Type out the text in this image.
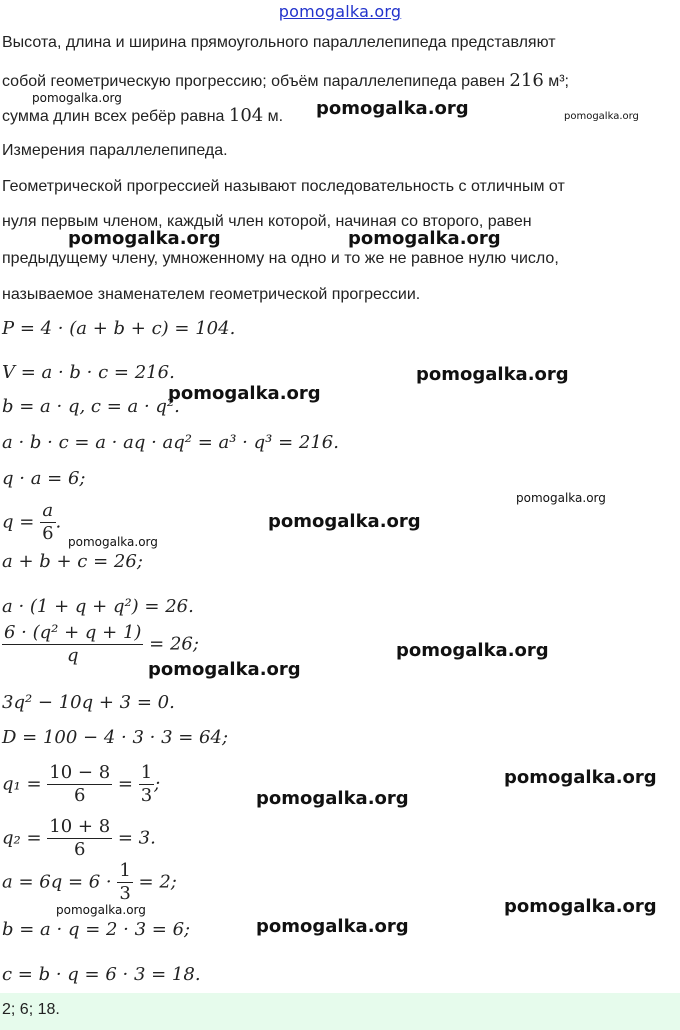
pomogalka.org
Высота, длина и ширина прямоугольного параллелепипеда представляют
собой геометрическую прогрессию; объём параллелепипеда равен 216 м³;
сумма длин всех ребёр равна 104 м.
Измерения параллелепипеда.
Геометрической прогрессией называют последовательность с отличным от
нуля первым членом, каждый член которой, начиная со второго, равен
предыдущему члену, умноженному на одно и то же не равное нулю число,
называемое знаменателем геометрической прогрессии.
P = 4 · (a + b + c) = 104.
V = a · b · c = 216.
b = a · q, c = a · q².
a · b · c = a · aq · aq² = a³ · q³ = 216.
q · a = 6;
$q = \frac{a}{6}$ .
a + b + c = 26;
a · (1 + q + q²) = 26.
$\frac{\text{6 · (q² + q + 1)}}{q} = 26$;
3q² − 10q + 3 = 0.
D = 100 − 4 · 3 · 3 = 64;
$q_1 = \frac{10 - 8}{6} = \frac{1}{3}$ ;
$q_2 = \frac{10 + 8}{6} = 3$.
$a = 6q = 6 \cdot \frac{1}{3} = 2$;
b = a · q = 2 · 3 = 6;
c = b · q = 6 · 3 = 18.
2; 6; 18.
pomogalka.org
pomogalka.org
pomogalka.org
pomogalka.org	pomogalka.org
pomogalka.org
pomogalka.org
pomogalka.org
pomogalka.org
pomogalka.org
pomogalka.org
pomogalka.org
pomogalka.org
pomogalka.org
pomogalka.org	pomogalka.org
pomogalka.org
